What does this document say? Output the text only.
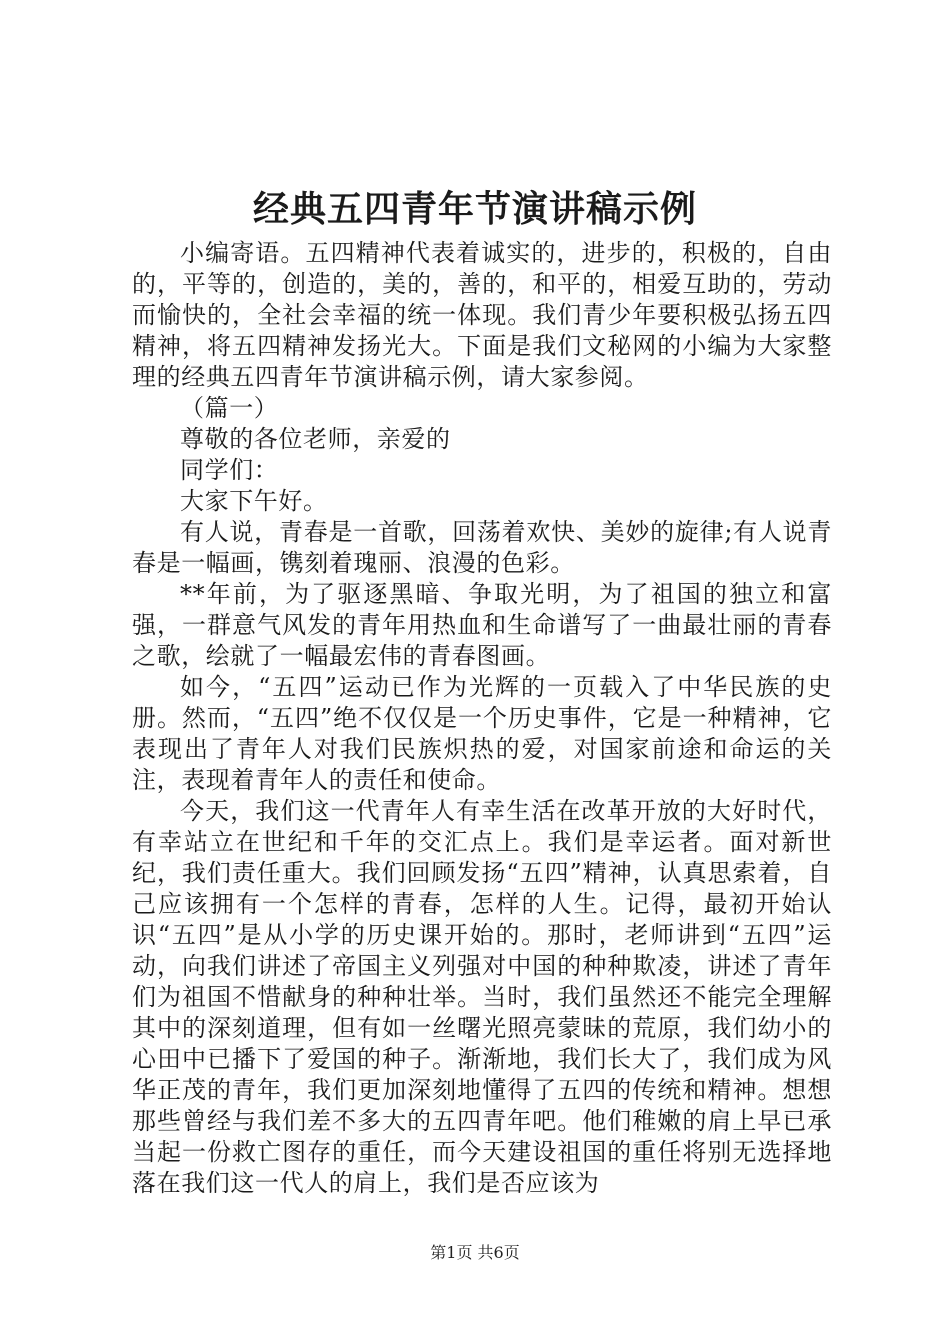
经典五四青年节演讲稿示例

小编寄语。五四精神代表着诚实的，进步的，积极的，自由的，平等的，创造的，美的，善的，和平的，相爱互助的，劳动而愉快的，全社会幸福的统一体现。我们青少年要积极弘扬五四精神，将五四精神发扬光大。下面是我们文秘网的小编为大家整理的经典五四青年节演讲稿示例，请大家参阅。

（篇一）

尊敬的各位老师，亲爱的

同学们：

大家下午好。

有人说，青春是一首歌，回荡着欢快、美妙的旋律;有人说青春是一幅画，镌刻着瑰丽、浪漫的色彩。

**年前，为了驱逐黑暗、争取光明，为了祖国的独立和富强，一群意气风发的青年用热血和生命谱写了一曲最壮丽的青春之歌，绘就了一幅最宏伟的青春图画。

如今，“五四”运动已作为光辉的一页载入了中华民族的史册。然而，“五四”绝不仅仅是一个历史事件，它是一种精神，它表现出了青年人对我们民族炽热的爱，对国家前途和命运的关注，表现着青年人的责任和使命。

今天，我们这一代青年人有幸生活在改革开放的大好时代，有幸站立在世纪和千年的交汇点上。我们是幸运者。面对新世纪，我们责任重大。我们回顾发扬“五四”精神，认真思索着，自己应该拥有一个怎样的青春，怎样的人生。记得，最初开始认识“五四”是从小学的历史课开始的。那时，老师讲到“五四”运动，向我们讲述了帝国主义列强对中国的种种欺凌，讲述了青年们为祖国不惜献身的种种壮举。当时，我们虽然还不能完全理解其中的深刻道理，但有如一丝曙光照亮蒙昧的荒原，我们幼小的心田中已播下了爱国的种子。渐渐地，我们长大了，我们成为风华正茂的青年，我们更加深刻地懂得了五四的传统和精神。想想那些曾经与我们差不多大的五四青年吧。他们稚嫩的肩上早已承当起一份救亡图存的重任，而今天建设祖国的重任将别无选择地落在我们这一代人的肩上，我们是否应该为

第1页 共6页
